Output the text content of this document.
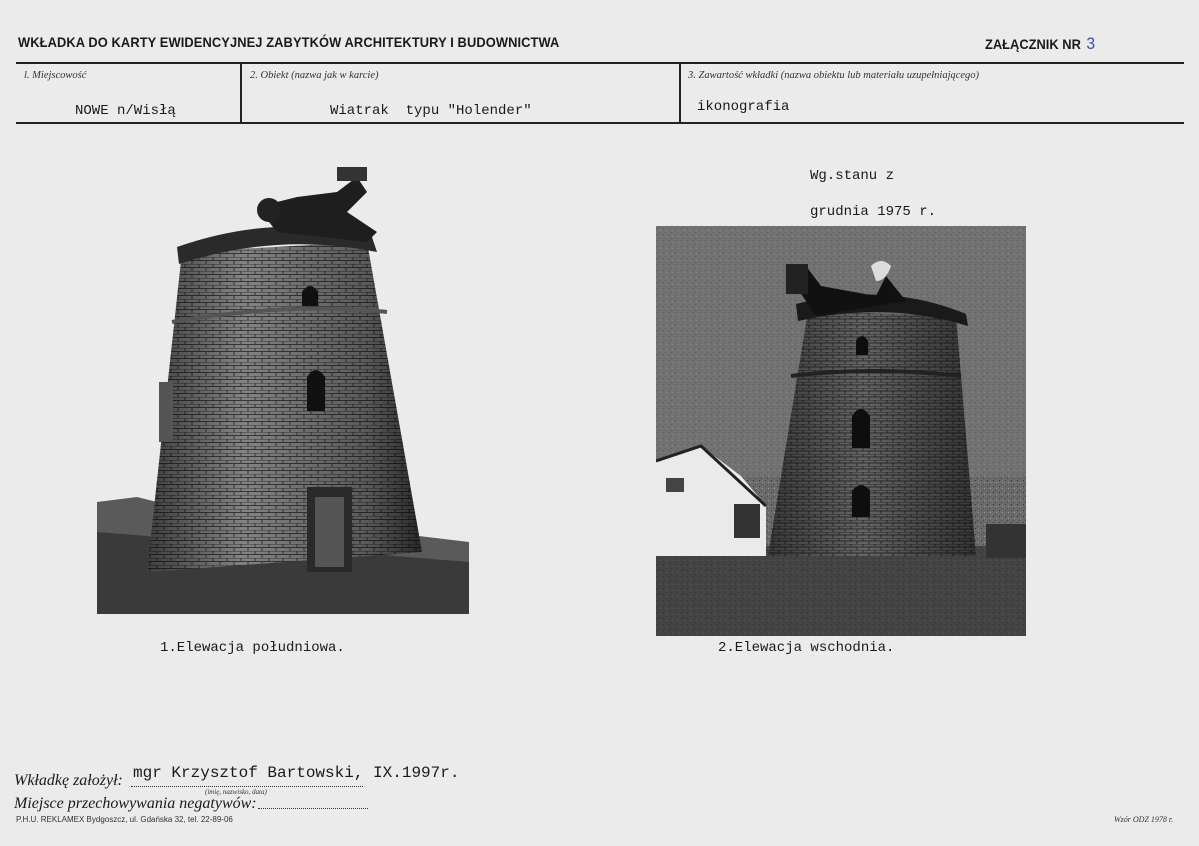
WKŁADKA DO KARTY EWIDENCYJNEJ ZABYTKÓW ARCHITEKTURY I BUDOWNICTWA	ZAŁĄCZNIK NR 3
l. Miejscowość
NOWE n/Wisłą
2. Obiekt (nazwa jak w karcie)
Wiatrak  typu "Holender"
3. Zawartość wkładki (nazwa obiektu lub materiału uzupełniającego)
ikonografia
Wg.stanu z
grudnia 1975 r.
1.Elewacja południowa.	2.Elewacja wschodnia.
Wkładkę założył: mgr Krzysztof Bartowski, IX.1997r.
(imię, nazwisko, data)
Miejsce przechowywania negatywów:
P.H.U. REKLAMEX Bydgoszcz, ul. Gdańska 32, tel. 22-89-06	Wzór ODZ 1978 r.
